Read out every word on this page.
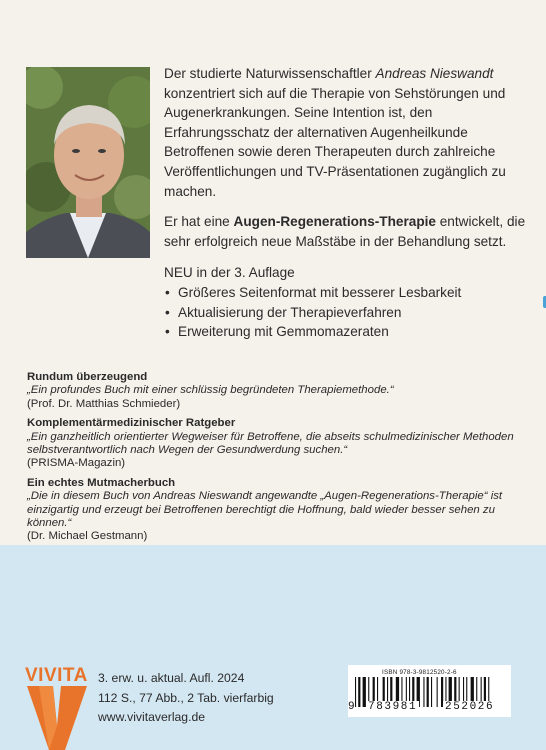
Der studierte Naturwissenschaftler Andreas Nieswandt konzentriert sich auf die Therapie von Sehstörungen und Augenerkrankungen. Seine Intention ist, den Erfahrungsschatz der alternativen Augenheilkunde Betroffenen sowie deren Therapeuten durch zahlreiche Veröffentlichungen und TV-Präsentationen zugänglich zu machen.

Er hat eine Augen-Regenerations-Therapie entwickelt, die sehr erfolgreich neue Maßstäbe in der Behandlung setzt.

NEU in der 3. Auflage

• Größeres Seitenformat mit besserer Lesbarkeit
• Aktualisierung der Therapieverfahren
• Erweiterung mit Gemmomazeraten
Rundum überzeugend
„Ein profundes Buch mit einer schlüssig begründeten Therapiemethode.“
(Prof. Dr. Matthias Schmieder)
Komplementärmedizinischer Ratgeber
„Ein ganzheitlich orientierter Wegweiser für Betroffene, die abseits schulmedizinischer Methoden selbstverantwortlich nach Wegen der Gesundwerdung suchen.“
(PRISMA-Magazin)
Ein echtes Mutmacherbuch
„Die in diesem Buch von Andreas Nieswandt angewandte „Augen-Regenerations-Therapie“ ist einzigartig und erzeugt bei Betroffenen berechtigt die Hoffnung, bald wieder besser sehen zu können.“
(Dr. Michael Gestmann)
VIVITA 3. erw. u. aktual. Aufl. 2024
112 S., 77 Abb., 2 Tab. vierfarbig
www.vivitaverlag.de
ISBN 978-3-9812520-2-6
9 783981	252026
